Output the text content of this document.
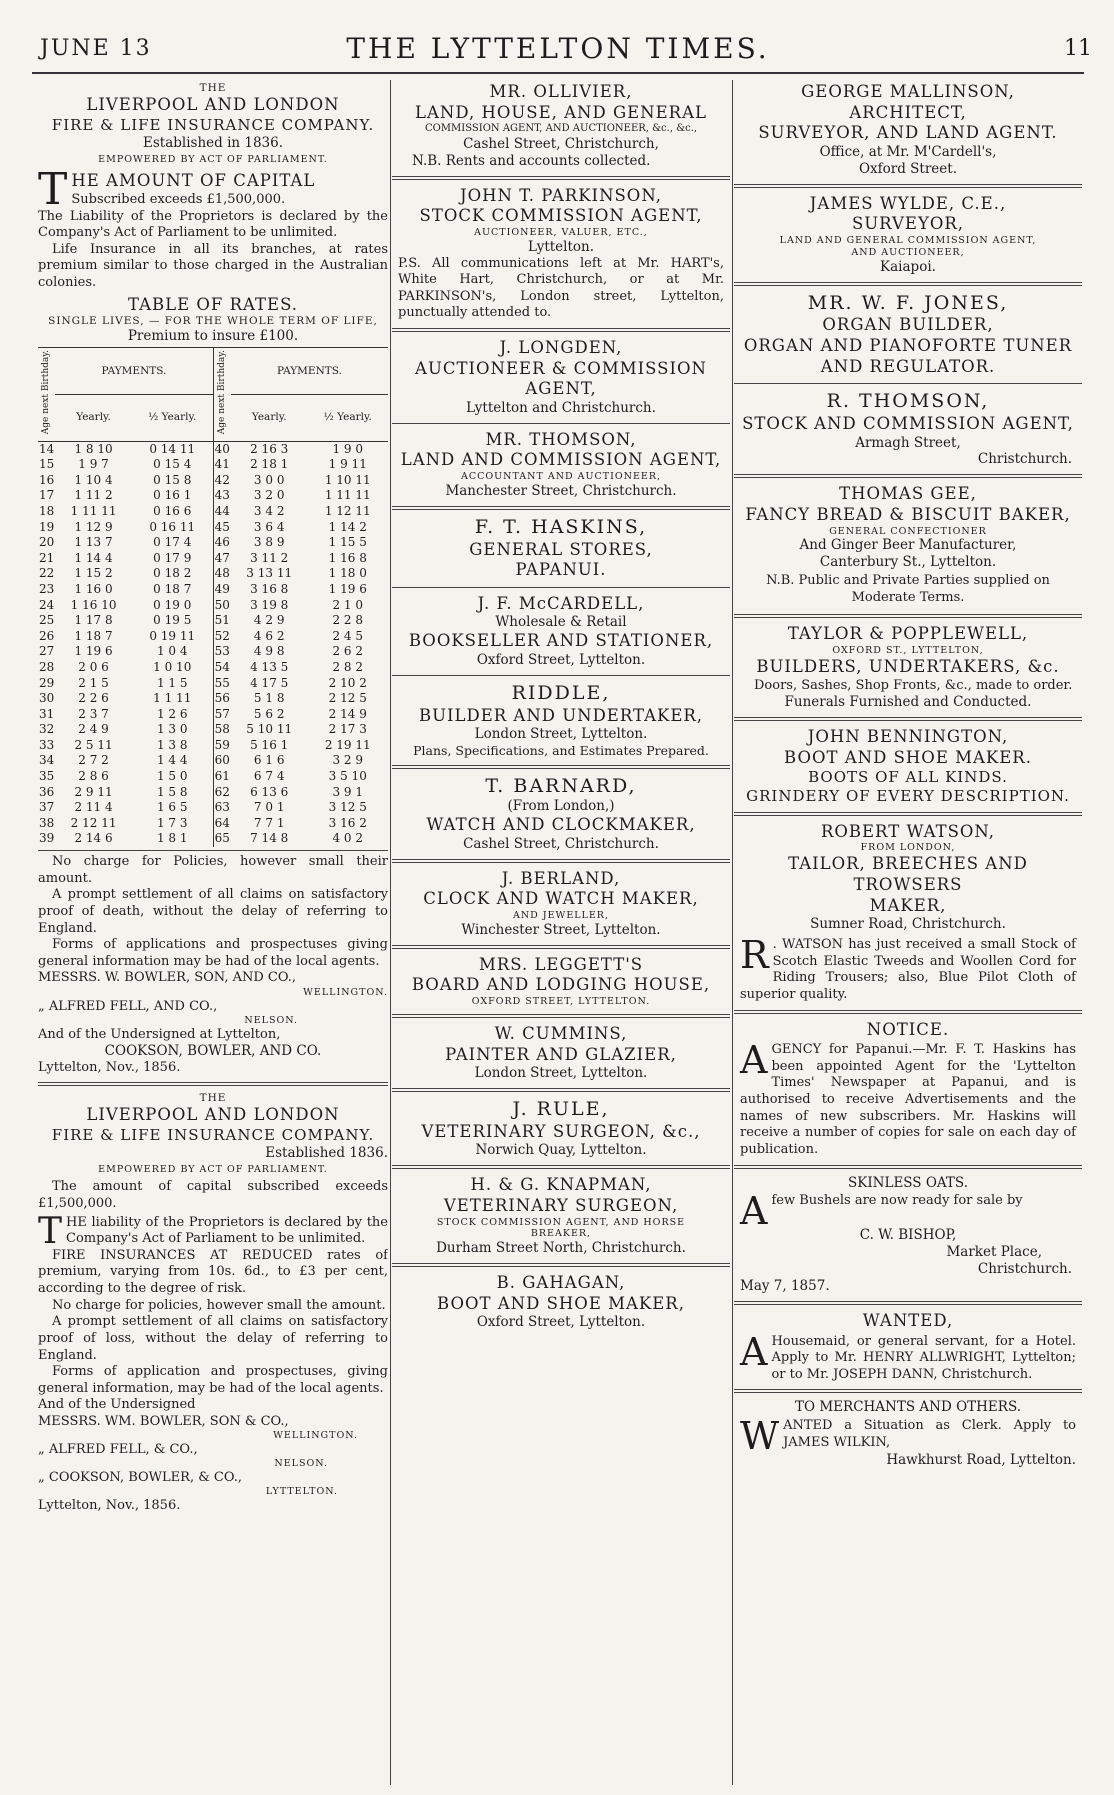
JUNE 13	THE LYTTELTON TIMES.	11

THE

LIVERPOOL AND LONDON

FIRE & LIFE INSURANCE COMPANY.

Established in 1836.

EMPOWERED BY ACT OF PARLIAMENT.

T HE AMOUNT OF CAPITAL
Subscribed exceeds £1,500,000.

The Liability of the Proprietors is declared by the Company's Act of Parliament to be unlimited.

Life Insurance in all its branches, at rates premium similar to those charged in the Australian colonies.

TABLE OF RATES.

SINGLE LIVES, — FOR THE WHOLE TERM OF LIFE,

Premium to insure £100.

Age next Birthday.	PAYMENTS.		Age next Birthday.	PAYMENTS.	
	Yearly.	½ Yearly.		Yearly.	½ Yearly.
14	1 8 10	0 14 11	40	2 16 3	1 9 0
15	1 9 7	0 15 4	41	2 18 1	1 9 11
16	1 10 4	0 15 8	42	3 0 0	1 10 11
17	1 11 2	0 16 1	43	3 2 0	1 11 11
18	1 11 11	0 16 6	44	3 4 2	1 12 11
19	1 12 9	0 16 11	45	3 6 4	1 14 2
20	1 13 7	0 17 4	46	3 8 9	1 15 5
21	1 14 4	0 17 9	47	3 11 2	1 16 8
22	1 15 2	0 18 2	48	3 13 11	1 18 0
23	1 16 0	0 18 7	49	3 16 8	1 19 6
24	1 16 10	0 19 0	50	3 19 8	2 1 0
25	1 17 8	0 19 5	51	4 2 9	2 2 8
26	1 18 7	0 19 11	52	4 6 2	2 4 5
27	1 19 6	1 0 4	53	4 9 8	2 6 2
28	2 0 6	1 0 10	54	4 13 5	2 8 2
29	2 1 5	1 1 5	55	4 17 5	2 10 2
30	2 2 6	1 1 11	56	5 1 8	2 12 5
31	2 3 7	1 2 6	57	5 6 2	2 14 9
32	2 4 9	1 3 0	58	5 10 11	2 17 3
33	2 5 11	1 3 8	59	5 16 1	2 19 11
34	2 7 2	1 4 4	60	6 1 6	3 2 9
35	2 8 6	1 5 0	61	6 7 4	3 5 10
36	2 9 11	1 5 8	62	6 13 6	3 9 1
37	2 11 4	1 6 5	63	7 0 1	3 12 5
38	2 12 11	1 7 3	64	7 7 1	3 16 2
39	2 14 6	1 8 1	65	7 14 8	4 0 2

No charge for Policies, however small their amount.

A prompt settlement of all claims on satisfactory proof of death, without the delay of referring to England.

Forms of applications and prospectuses giving general information may be had of the local agents.

MESSRS. W. BOWLER, SON, AND CO.,

WELLINGTON.

„ ALFRED FELL, AND CO.,

NELSON.

And of the Undersigned at Lyttelton,

COOKSON, BOWLER, AND CO.

Lyttelton, Nov., 1856.

THE

LIVERPOOL AND LONDON

FIRE & LIFE INSURANCE COMPANY.

Established 1836.

EMPOWERED BY ACT OF PARLIAMENT.

The amount of capital subscribed exceeds £1,500,000.

T HE liability of the Proprietors is declared by the Company's Act of Parliament to be unlimited.

FIRE INSURANCES AT REDUCED rates of premium, varying from 10s. 6d., to £3 per cent, according to the degree of risk.

No charge for policies, however small the amount.

A prompt settlement of all claims on satisfactory proof of loss, without the delay of referring to England.

Forms of application and prospectuses, giving general information, may be had of the local agents.

And of the Undersigned

MESSRS. WM. BOWLER, SON & CO.,

WELLINGTON.

„ ALFRED FELL, & CO.,

NELSON.

„ COOKSON, BOWLER, & CO.,

LYTTELTON.

Lyttelton, Nov., 1856.

MR. OLLIVIER,

LAND, HOUSE, AND GENERAL

COMMISSION AGENT, AND AUCTIONEER, &c., &c.,

Cashel Street, Christchurch,

N.B. Rents and accounts collected.

JOHN T. PARKINSON,

STOCK COMMISSION AGENT,

AUCTIONEER, VALUER, ETC.,

Lyttelton.

P.S. All communications left at Mr. HART's, White Hart, Christchurch, or at Mr. PARKINSON's, London street, Lyttelton, punctually attended to.

J. LONGDEN,

AUCTIONEER & COMMISSION AGENT,

Lyttelton and Christchurch.

MR. THOMSON,

LAND AND COMMISSION AGENT,

ACCOUNTANT AND AUCTIONEER,

Manchester Street, Christchurch.

F. T. HASKINS,

GENERAL STORES,

PAPANUI.

J. F. McCARDELL,

Wholesale & Retail

BOOKSELLER AND STATIONER,

Oxford Street, Lyttelton.

RIDDLE,

BUILDER AND UNDERTAKER,

London Street, Lyttelton.

Plans, Specifications, and Estimates Prepared.

T. BARNARD,

(From London,)

WATCH AND CLOCKMAKER,

Cashel Street, Christchurch.

J. BERLAND,

CLOCK AND WATCH MAKER,

AND JEWELLER,

Winchester Street, Lyttelton.

MRS. LEGGETT'S

BOARD AND LODGING HOUSE,

OXFORD STREET, LYTTELTON.

W. CUMMINS,

PAINTER AND GLAZIER,

London Street, Lyttelton.

J. RULE,

VETERINARY SURGEON, &c.,

Norwich Quay, Lyttelton.

H. & G. KNAPMAN,

VETERINARY SURGEON,

STOCK COMMISSION AGENT, AND HORSE

BREAKER,

Durham Street North, Christchurch.

B. GAHAGAN,

BOOT AND SHOE MAKER,

Oxford Street, Lyttelton.

GEORGE MALLINSON,

ARCHITECT,

SURVEYOR, AND LAND AGENT.

Office, at Mr. M'Cardell's,

Oxford Street.

JAMES WYLDE, C.E.,

SURVEYOR,

LAND AND GENERAL COMMISSION AGENT,

AND AUCTIONEER,

Kaiapoi.

MR. W. F. JONES,

ORGAN BUILDER,

ORGAN AND PIANOFORTE TUNER

AND REGULATOR.

R. THOMSON,

STOCK AND COMMISSION AGENT,

Armagh Street,

Christchurch.

THOMAS GEE,

FANCY BREAD & BISCUIT BAKER,

GENERAL CONFECTIONER

And Ginger Beer Manufacturer,

Canterbury St., Lyttelton.

N.B. Public and Private Parties supplied on Moderate Terms.

TAYLOR & POPPLEWELL,

OXFORD ST., LYTTELTON,

BUILDERS, UNDERTAKERS, &c.

Doors, Sashes, Shop Fronts, &c., made to order.

Funerals Furnished and Conducted.

JOHN BENNINGTON,

BOOT AND SHOE MAKER.

BOOTS OF ALL KINDS.

GRINDERY OF EVERY DESCRIPTION.

ROBERT WATSON,

FROM LONDON,

TAILOR, BREECHES AND TROWSERS

MAKER,

Sumner Road, Christchurch.

R . WATSON has just received a small Stock of Scotch Elastic Tweeds and Woollen Cord for Riding Trousers; also, Blue Pilot Cloth of superior quality.

NOTICE.

A GENCY for Papanui.—Mr. F. T. Haskins has been appointed Agent for the 'Lyttelton Times' Newspaper at Papanui, and is authorised to receive Advertisements and the names of new subscribers. Mr. Haskins will receive a number of copies for sale on each day of publication.

SKINLESS OATS.

A few Bushels are now ready for sale by

C. W. BISHOP,

Market Place,

Christchurch.

May 7, 1857.

WANTED,

A Housemaid, or general servant, for a Hotel. Apply to Mr. HENRY ALLWRIGHT, Lyttelton; or to Mr. JOSEPH DANN, Christchurch.

TO MERCHANTS AND OTHERS.

W ANTED a Situation as Clerk. Apply to JAMES WILKIN,

Hawkhurst Road, Lyttelton.
